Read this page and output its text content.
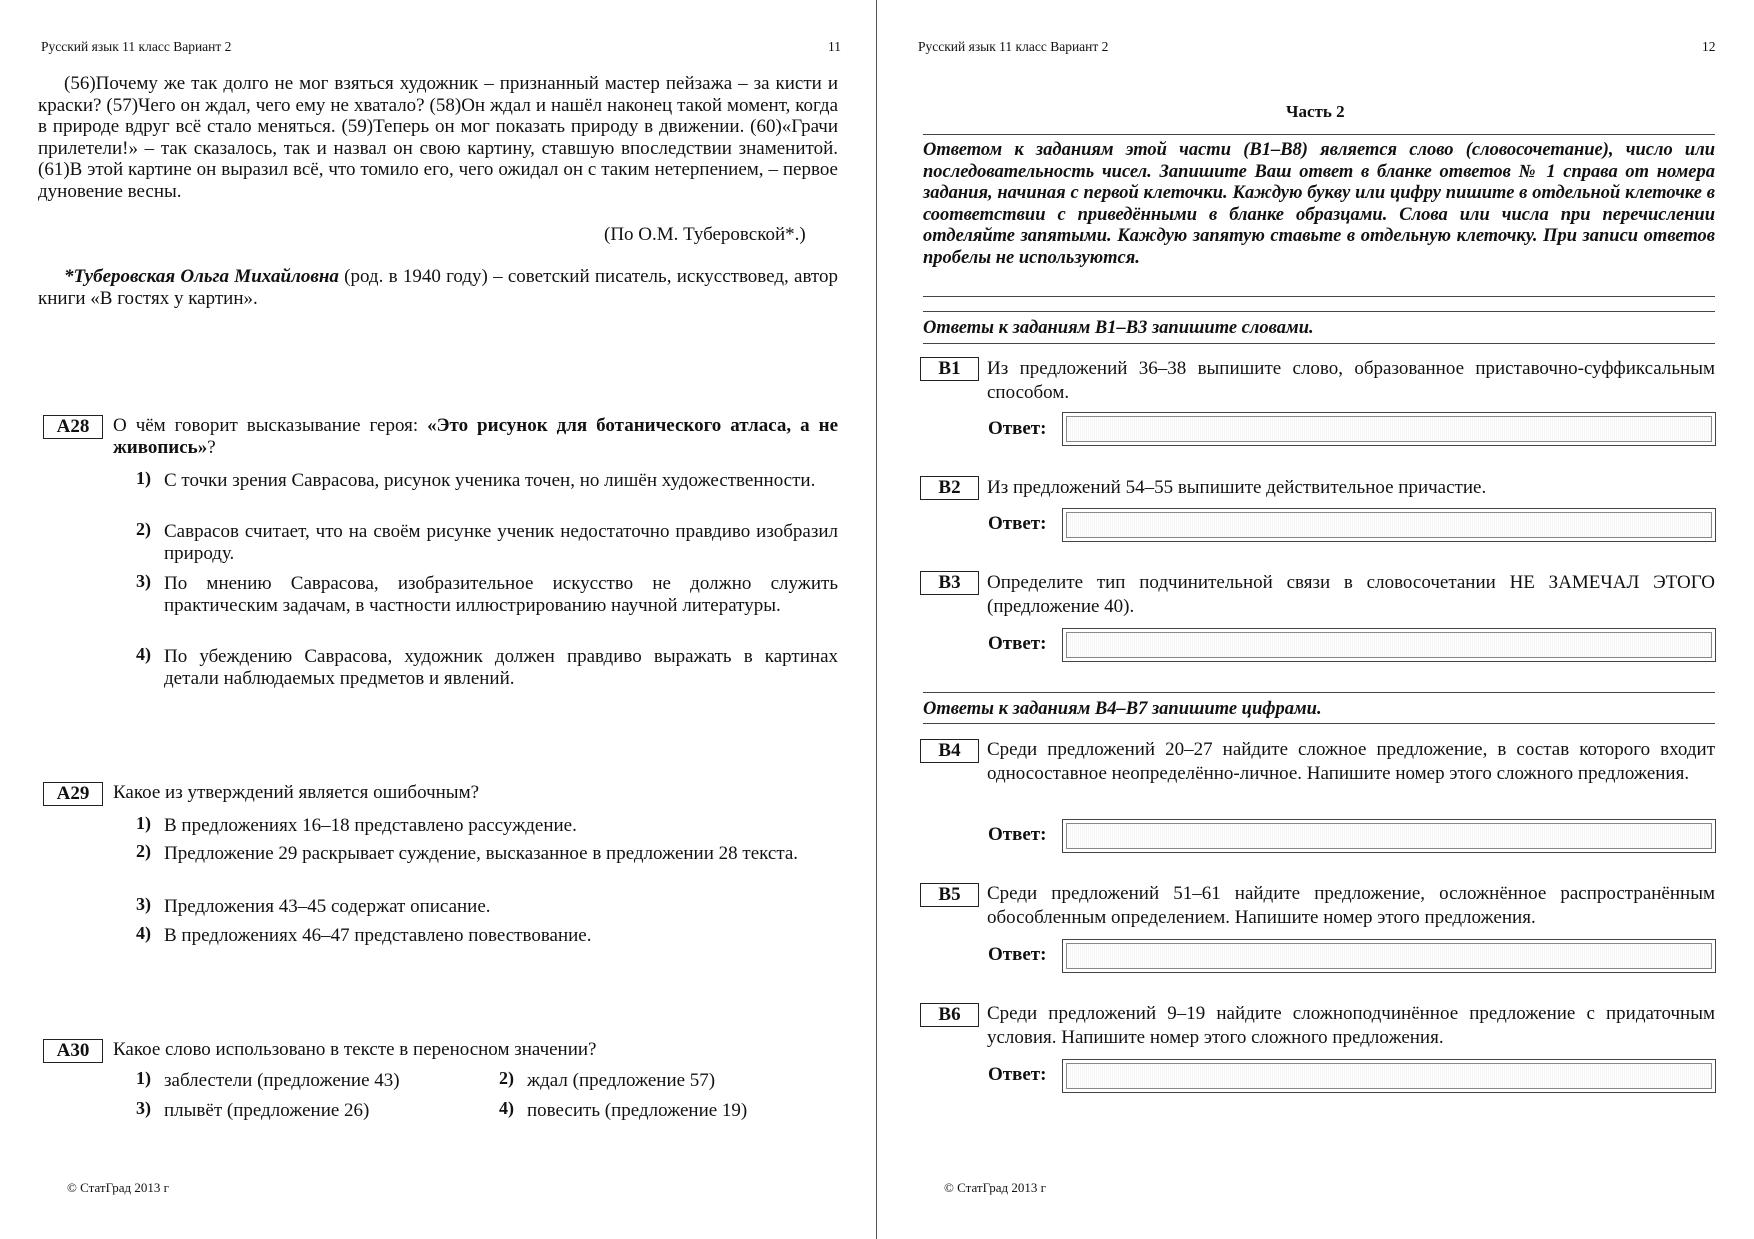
Русский язык 11 класс Вариант 2	11
(56)Почему же так долго не мог взяться художник – признанный мастер пейзажа – за кисти и краски? (57)Чего он ждал, чего ему не хватало? (58)Он ждал и нашёл наконец такой момент, когда в природе вдруг всё стало меняться. (59)Теперь он мог показать природу в движении. (60)«Грачи прилетели!» – так сказалось, так и назвал он свою картину, ставшую впоследствии знаменитой. (61)В этой картине он выразил всё, что томило его, чего ожидал он с таким нетерпением, – первое дуновение весны.
(По О.М. Туберовской*.)
*Туберовская Ольга Михайловна (род. в 1940 году) – советский писатель, искусствовед, автор книги «В гостях у картин».
A28	О чём говорит высказывание героя: «Это рисунок для ботанического атласа, а не живопись»?
1) С точки зрения Саврасова, рисунок ученика точен, но лишён художественности.
2) Саврасов считает, что на своём рисунке ученик недостаточно правдиво изобразил природу.
3) По мнению Саврасова, изобразительное искусство не должно служить практическим задачам, в частности иллюстрированию научной литературы.
4) По убеждению Саврасова, художник должен правдиво выражать в картинах детали наблюдаемых предметов и явлений.
A29	Какое из утверждений является ошибочным?
1) В предложениях 16–18 представлено рассуждение.
2) Предложение 29 раскрывает суждение, высказанное в предложении 28 текста.
3) Предложения 43–45 содержат описание.
4) В предложениях 46–47 представлено повествование.
A30	Какое слово использовано в тексте в переносном значении?
1) заблестели (предложение 43)	2) ждал (предложение 57)
3) плывёт (предложение 26)	4) повесить (предложение 19)
© СтатГрад 2013 г
Русский язык 11 класс Вариант 2	12
Часть 2
Ответом к заданиям этой части (В1–В8) является слово (словосочетание), число или последовательность чисел. Запишите Ваш ответ в бланке ответов № 1 справа от номера задания, начиная с первой клеточки. Каждую букву или цифру пишите в отдельной клеточке в соответствии с приведёнными в бланке образцами. Слова или числа при перечислении отделяйте запятыми. Каждую запятую ставьте в отдельную клеточку. При записи ответов пробелы не используются.
Ответы к заданиям В1–В3 запишите словами.
B1	Из предложений 36–38 выпишите слово, образованное приставочно-суффиксальным способом.
Ответ:
B2	Из предложений 54–55 выпишите действительное причастие.
Ответ:
B3	Определите тип подчинительной связи в словосочетании НЕ ЗАМЕЧАЛ ЭТОГО (предложение 40).
Ответ:
Ответы к заданиям В4–В7 запишите цифрами.
B4	Среди предложений 20–27 найдите сложное предложение, в состав которого входит односоставное неопределённо-личное. Напишите номер этого сложного предложения.
Ответ:
B5	Среди предложений 51–61 найдите предложение, осложнённое распространённым обособленным определением. Напишите номер этого предложения.
Ответ:
B6	Среди предложений 9–19 найдите сложноподчинённое предложение с придаточным условия. Напишите номер этого сложного предложения.
Ответ:
© СтатГрад 2013 г
